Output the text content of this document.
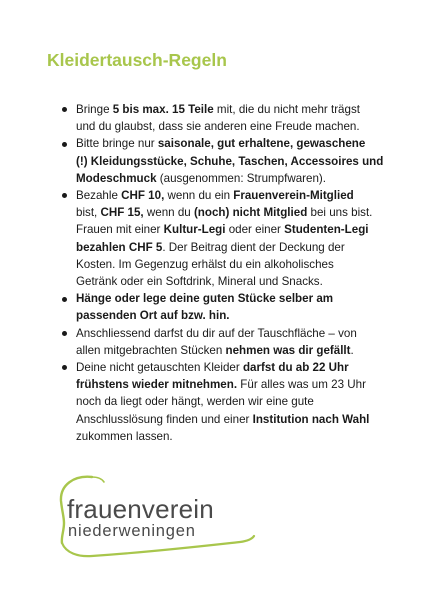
Kleidertausch-Regeln
Bringe 5 bis max. 15 Teile mit, die du nicht mehr trägst
und du glaubst, dass sie anderen eine Freude machen.
Bitte bringe nur saisonale, gut erhaltene, gewaschene
(!) Kleidungsstücke, Schuhe, Taschen, Accessoires und
Modeschmuck (ausgenommen: Strumpfwaren).
Bezahle CHF 10, wenn du ein Frauenverein-Mitglied
bist, CHF 15, wenn du (noch) nicht Mitglied bei uns bist.
Frauen mit einer Kultur-Legi oder einer Studenten-Legi
bezahlen CHF 5. Der Beitrag dient der Deckung der
Kosten. Im Gegenzug erhälst du ein alkoholisches
Getränk oder ein Softdrink, Mineral und Snacks.
Hänge oder lege deine guten Stücke selber am
passenden Ort auf bzw. hin.
Anschliessend darfst du dir auf der Tauschfläche – von
allen mitgebrachten Stücken nehmen was dir gefällt.
Deine nicht getauschten Kleider darfst du ab 22 Uhr
frühstens wieder mitnehmen. Für alles was um 23 Uhr
noch da liegt oder hängt, werden wir eine gute
Anschlusslösung finden und einer Institution nach Wahl
zukommen lassen.
frauenverein
niederweningen
